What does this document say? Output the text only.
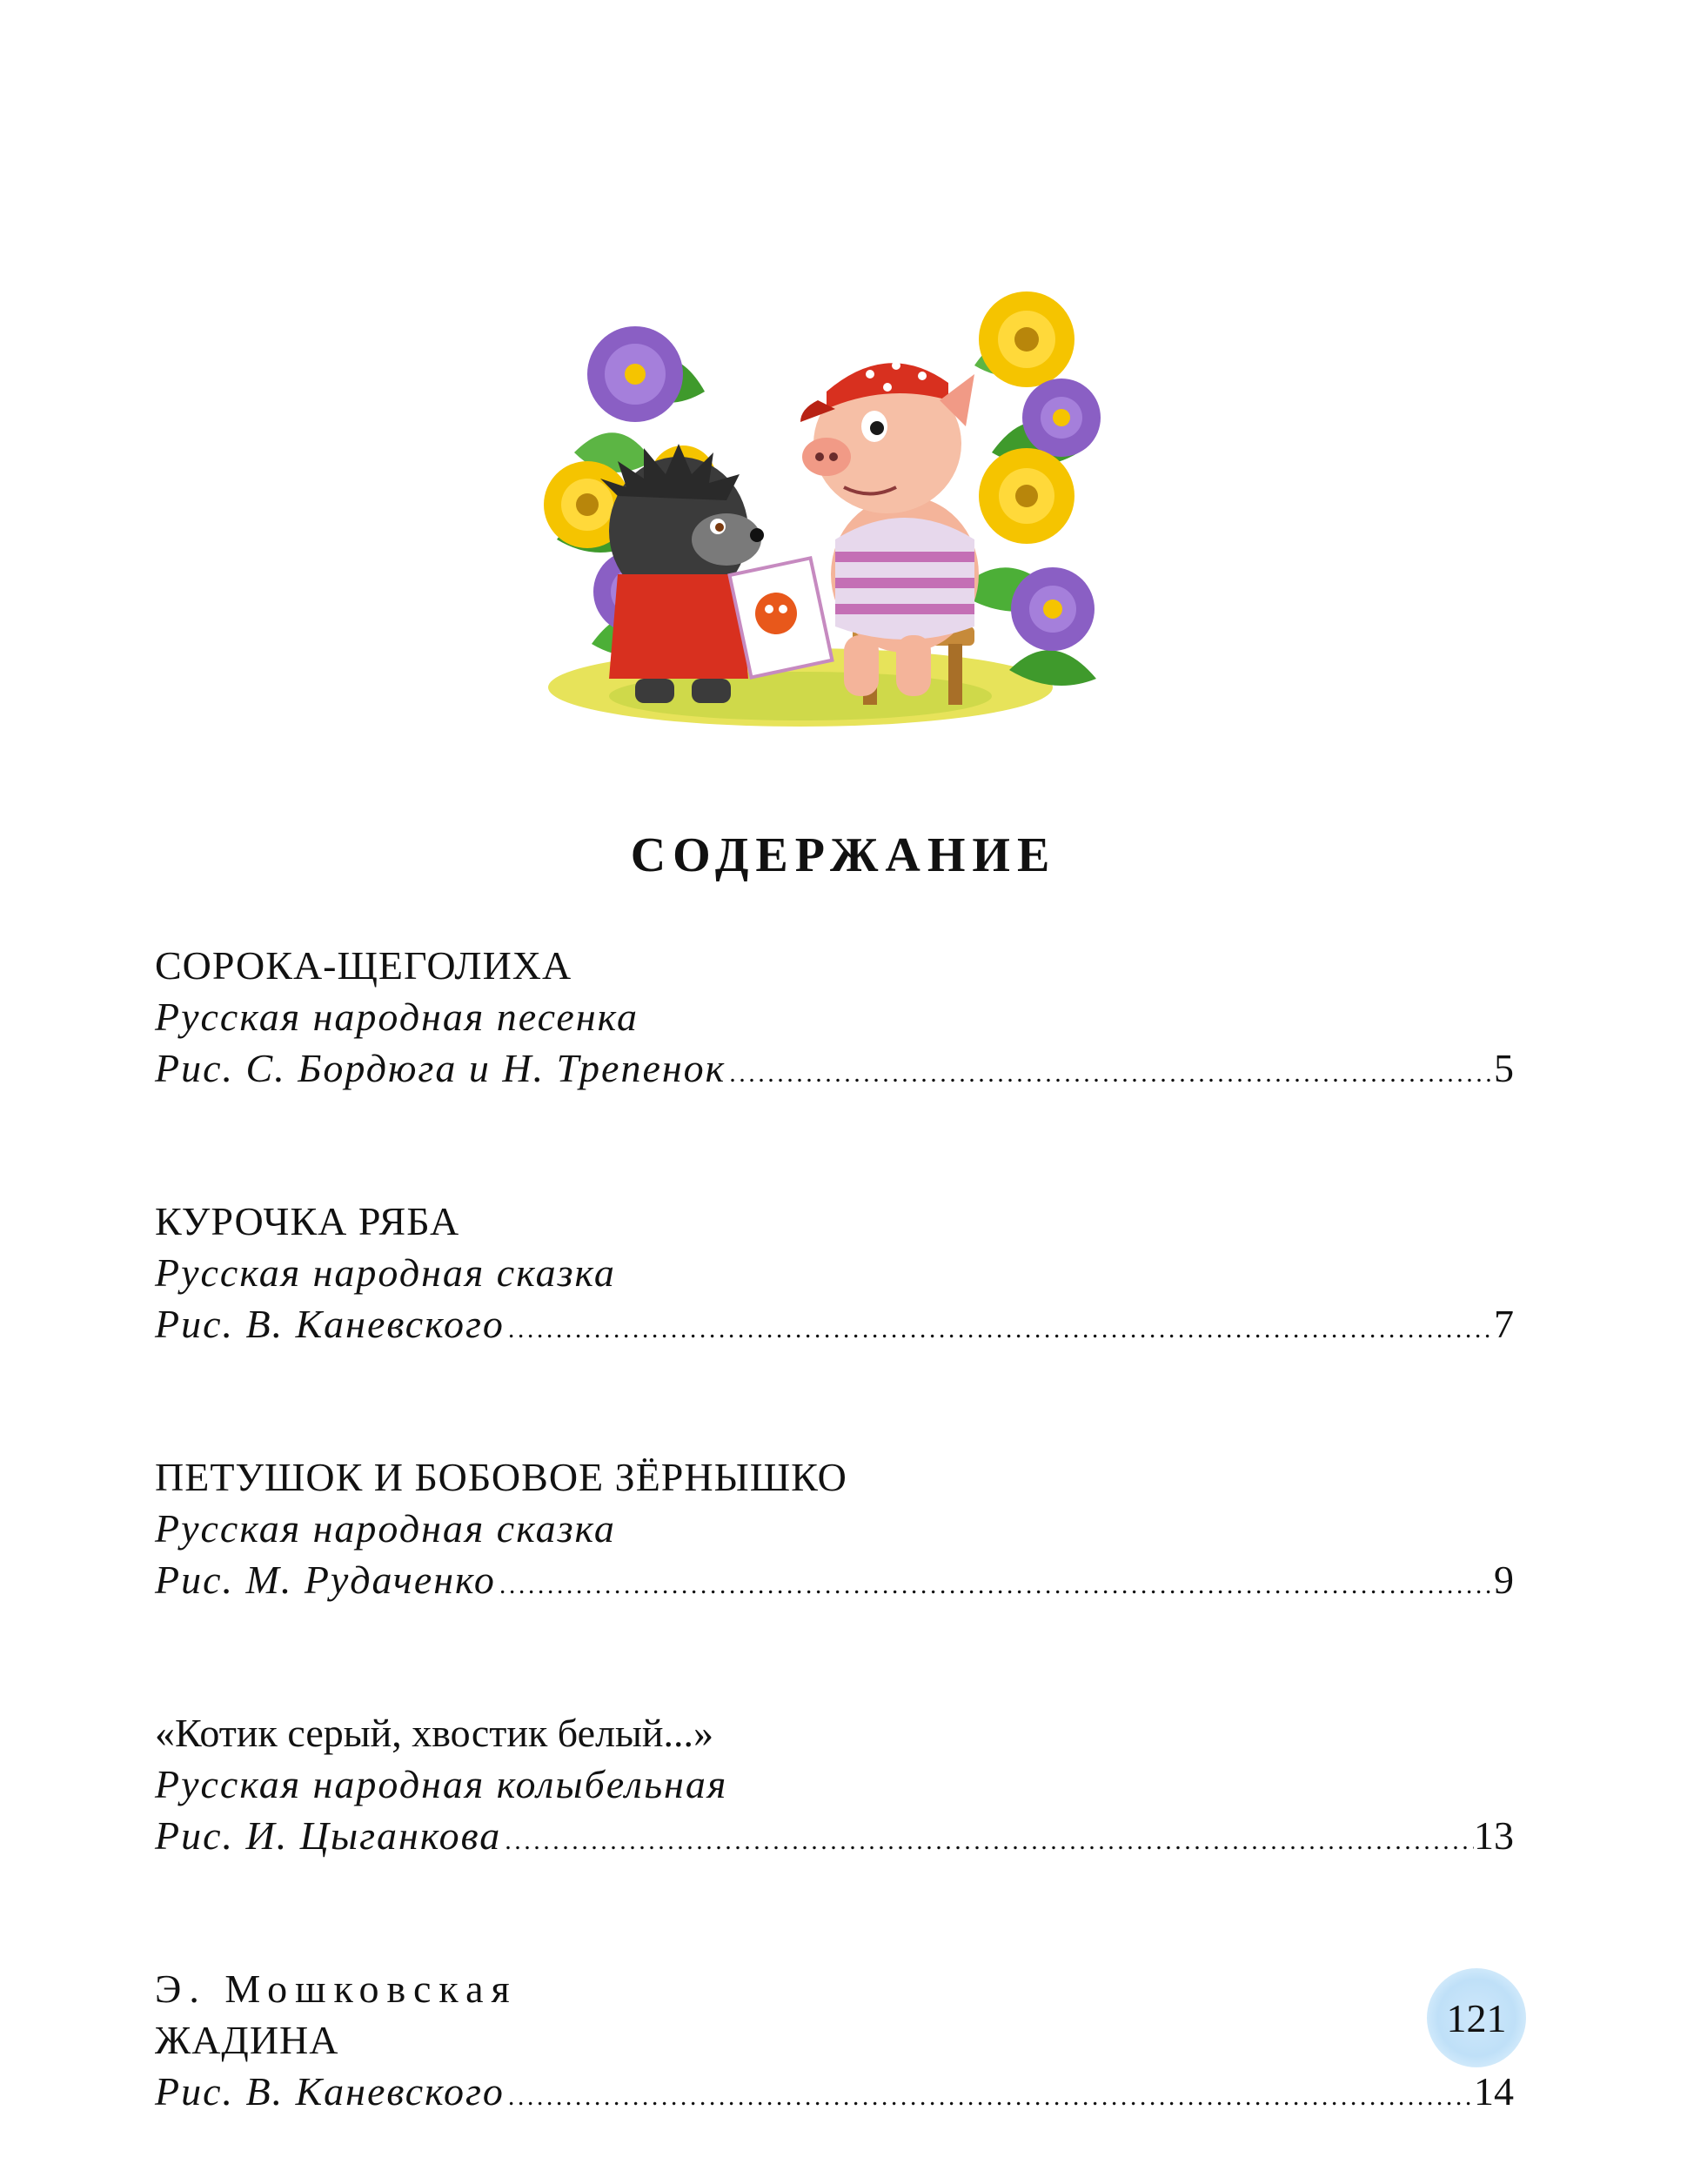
СОДЕРЖАНИЕ
СОРОКА-ЩЕГОЛИХА
Русская народная песенка
Рис. С. Бордюга и Н. Трепенок . . .	5
КУРОЧКА РЯБА
Русская народная сказка
Рис. В. Каневского . . .	7
ПЕТУШОК И БОБОВОЕ ЗЁРНЫШКО
Русская народная сказка
Рис. М. Рудаченко . . .	9
«Котик серый, хвостик белый...»
Русская народная колыбельная
Рис. И. Цыганкова . . .	13
Э. Мошковская
ЖАДИНА
Рис. В. Каневского . . .	14
121
